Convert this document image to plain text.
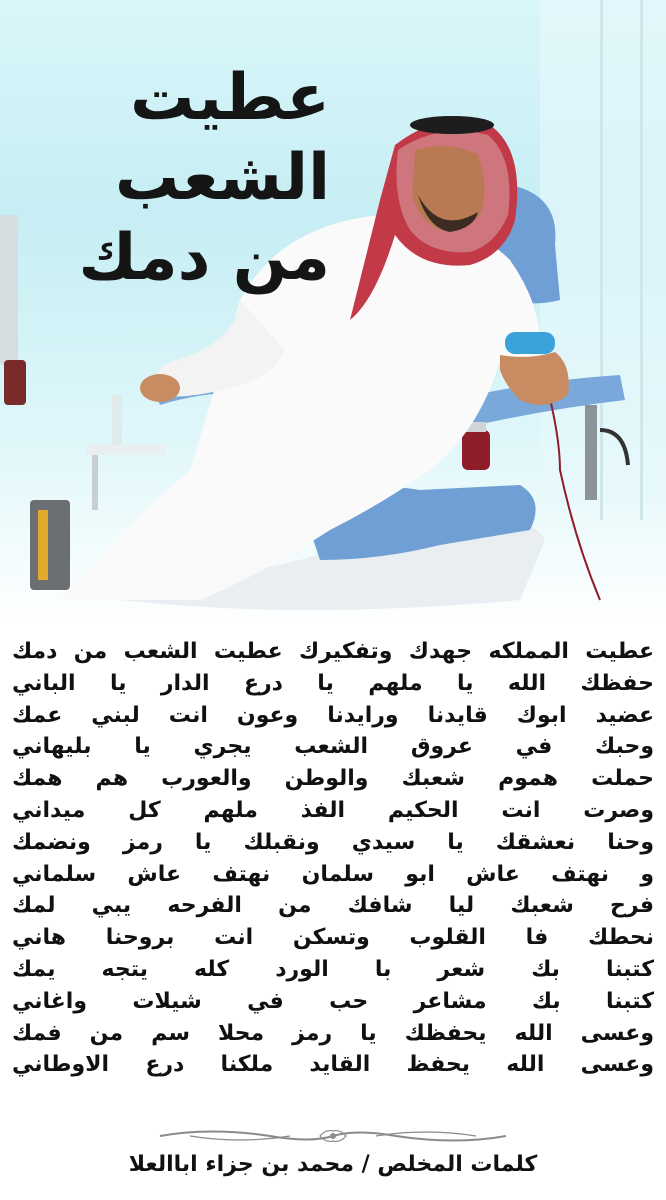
عطيت
الشعب
من دمك
عطيت المملكه جهدك وتفكيرك عطيت الشعب من دمك
حفظك الله يا ملهم يا درع الدار يا الباني
عضيد ابوك قايدنا ورايدنا وعون انت لبني عمك
وحبك في عروق الشعب يجري يا بليهاني
حملت هموم شعبك والوطن والعورب هم همك
وصرت انت الحكيم الفذ ملهم كل ميداني
وحنا نعشقك يا سيدي ونقبلك يا رمز ونضمك
و نهتف عاش ابو سلمان نهتف عاش سلماني
فرح شعبك ليا شافك من الفرحه يبي لمك
نحطك فا القلوب وتسكن انت بروحنا هاني
كتبنا بك شعر با الورد كله يتجه يمك
كتبنا بك مشاعر حب في شيلات واغاني
وعسى الله يحفظك يا رمز محلا سم من فمك
وعسى الله يحفظ القايد ملكنا درع الاوطاني
كلمات المخلص / محمد بن جزاء اباالعلا
